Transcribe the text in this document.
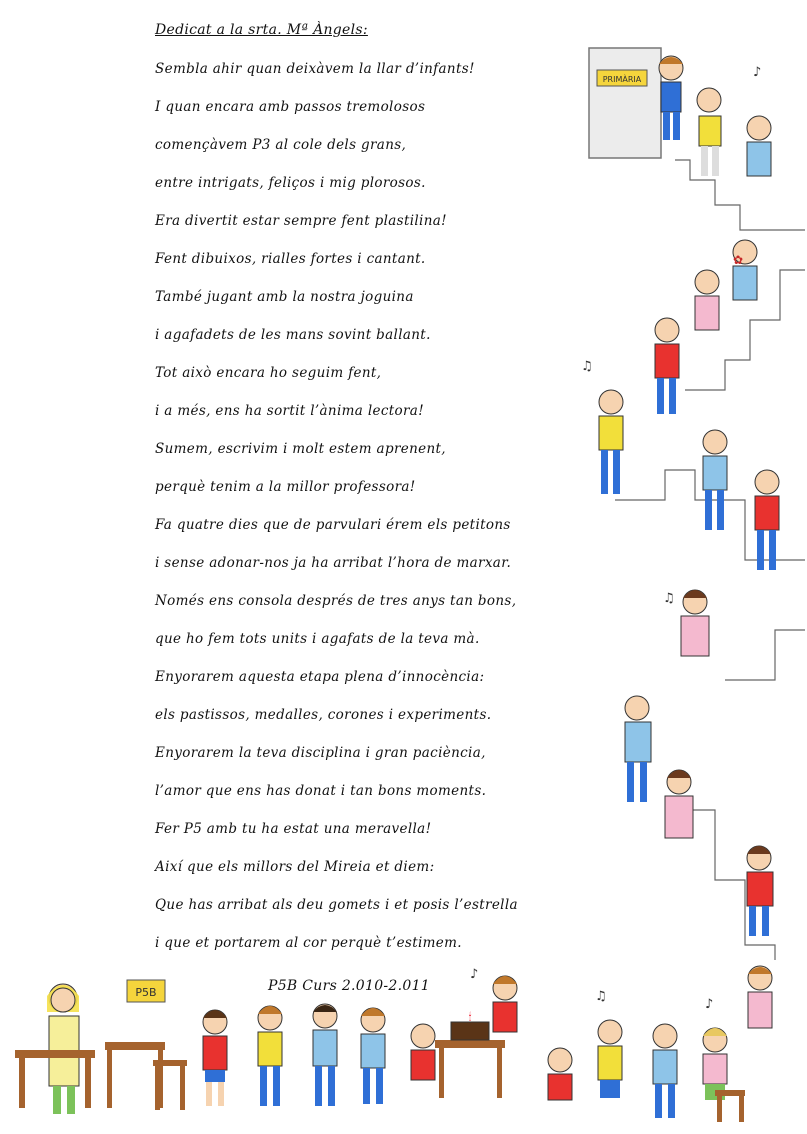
Dedicat a la srta. Mª Àngels:
Sembla ahir quan deixàvem la llar d’infants!
I quan encara amb passos tremolosos
començàvem P3 al cole dels grans,
entre intrigats, feliços i mig plorosos.
Era divertit estar sempre fent plastilina!
Fent dibuixos, rialles fortes i cantant.
També jugant amb la nostra joguina
i agafadets de les mans sovint ballant.
Tot això encara ho seguim fent,
i a més, ens ha sortit l’ànima lectora!
Sumem, escrivim i molt estem aprenent,
perquè tenim a la millor professora!
Fa quatre dies que de parvulari érem els petitons
i sense adonar-nos ja ha arribat l’hora de marxar.
Només ens consola després de tres anys tan bons,
que ho fem tots units i agafats de la teva mà.
Enyorarem aquesta etapa plena d’innocència:
els pastissos, medalles, corones i experiments.
Enyorarem la teva disciplina i gran paciència,
l’amor que ens has donat i tan bons moments.
Fer P5 amb tu ha estat una meravella!
Així que els millors del Mireia et diem:
Que has arribat als deu gomets i et posis l’estrella
i que et portarem al cor perquè t’estimem.
P5B Curs 2.010-2.011
PRIMÀRIA	♪
♫
♫
✿
P5B
🕯
♪
♫
♪
